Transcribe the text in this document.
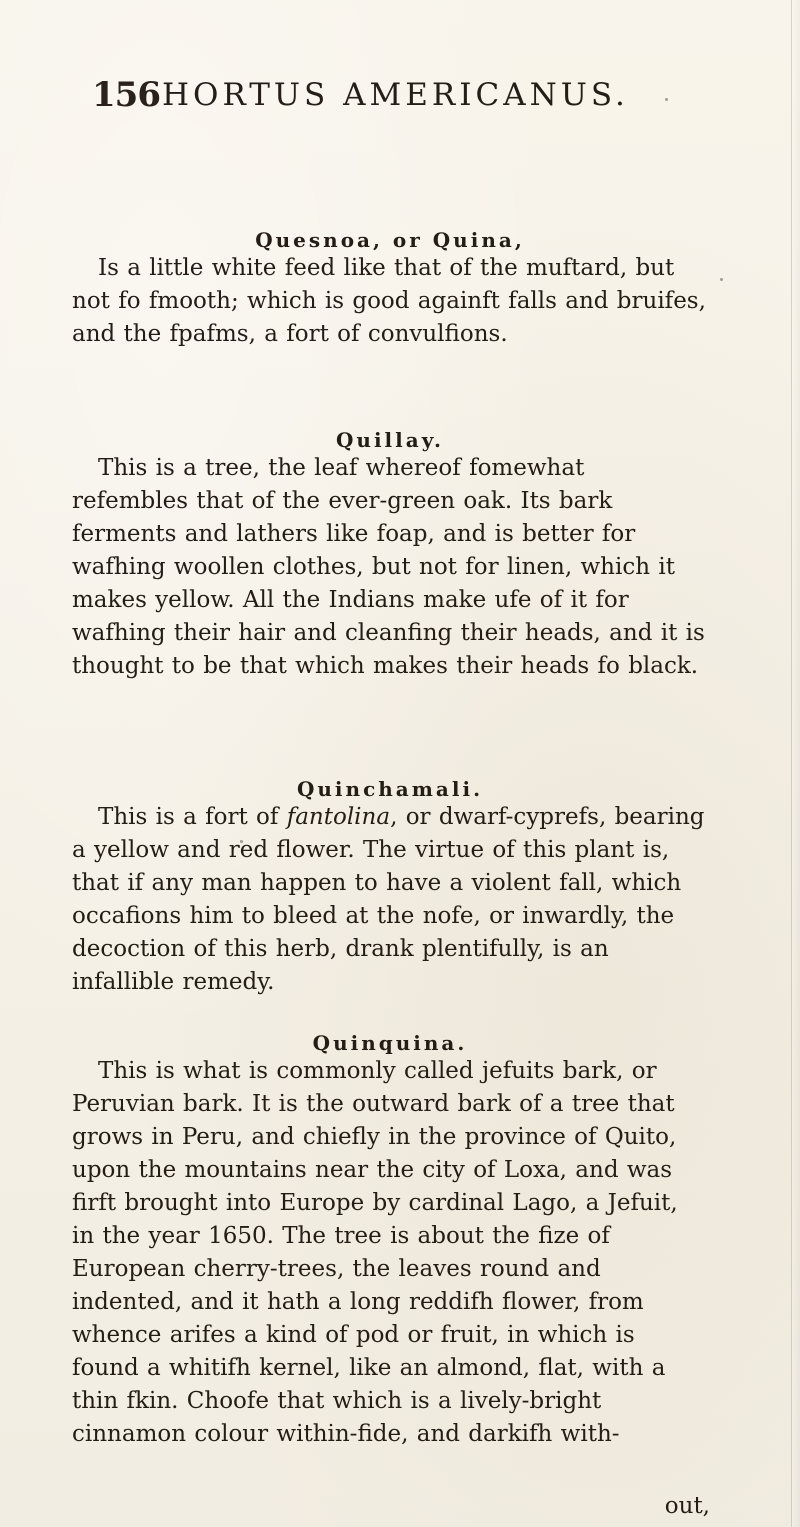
156 HORTUS AMERICANUS.
Quesnoa, or Quina,

Is a little white feed like that of the muftard, but not fo fmooth; which is good againft falls and bruifes, and the fpafms, a fort of convulfions.

Quillay.

This is a tree, the leaf whereof fomewhat refembles that of the ever-green oak. Its bark ferments and lathers like foap, and is better for wafhing woollen clothes, but not for linen, which it makes yellow. All the Indians make ufe of it for wafhing their hair and cleanfing their heads, and it is thought to be that which makes their heads fo black.

Quinchamali.

This is a fort of fantolina, or dwarf-cyprefs, bearing a yellow and red flower. The virtue of this plant is, that if any man happen to have a violent fall, which occafions him to bleed at the nofe, or inwardly, the decoction of this herb, drank plentifully, is an infallible remedy.

Quinquina.

This is what is commonly called jefuits bark, or Peruvian bark. It is the outward bark of a tree that grows in Peru, and chiefly in the province of Quito, upon the mountains near the city of Loxa, and was firft brought into Europe by cardinal Lago, a Jefuit, in the year 1650. The tree is about the fize of European cherry-trees, the leaves round and indented, and it hath a long reddifh flower, from whence arifes a kind of pod or fruit, in which is found a whitifh kernel, like an almond, flat, with a thin fkin. Choofe that which is a lively-bright cinnamon colour within-fide, and darkifh with-

out,
